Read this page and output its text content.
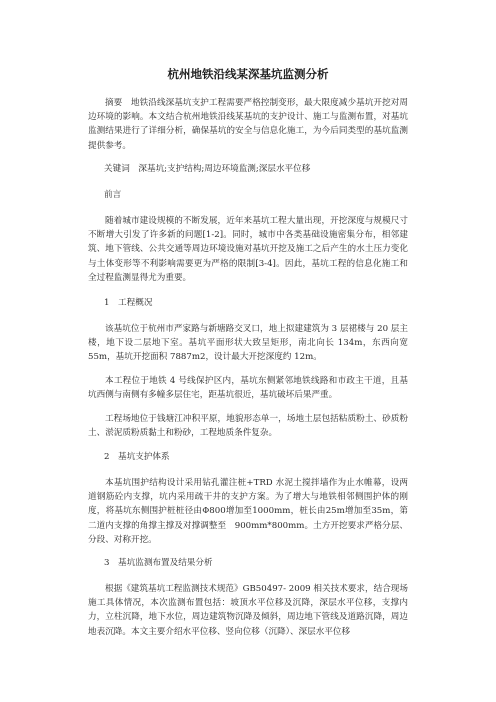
杭州地铁沿线某深基坑监测分析
摘要　地铁沿线深基坑支护工程需要严格控制变形，最大限度减少基坑开挖对周边环境的影响。本文结合杭州地铁沿线某基坑的支护设计、施工与监测布置，对基坑监测结果进行了详细分析，确保基坑的安全与信息化施工，为今后同类型的基坑监测提供参考。
关键词　深基坑;支护结构;周边环境监测;深层水平位移
前言
随着城市建设规模的不断发展，近年来基坑工程大量出现，开挖深度与规模尺寸不断增大引发了许多新的问题[1-2]。同时，城市中各类基础设施密集分布，相邻建筑、地下管线、公共交通等周边环境设施对基坑开挖及施工之后产生的水土压力变化与土体变形等不利影响需要更为严格的限制[3-4]。因此，基坑工程的信息化施工和全过程监测显得尤为重要。
1　工程概况
该基坑位于杭州市严家路与新塘路交叉口，地上拟建建筑为 3 层裙楼与 20 层主楼，地下设二层地下室。基坑平面形状大致呈矩形，南北向长 134m，东西向宽 55m，基坑开挖面积 7887m2，设计最大开挖深度约 12m。
本工程位于地铁 4 号线保护区内，基坑东侧紧邻地铁线路和市政主干道，且基坑西侧与南侧有多幢多层住宅，距基坑很近，基坑破坏后果严重。
工程场地位于钱塘江冲积平原，地貌形态单一，场地土层包括粘质粉土、砂质粉土、淤泥质粉质黏土和粉砂，工程地质条件复杂。
2　基坑支护体系
本基坑围护结构设计采用钻孔灌注桩+TRD 水泥土搅拌墙作为止水帷幕，设两道钢筋砼内支撑，坑内采用疏干井的支护方案。为了增大与地铁相邻侧围护体的刚度，将基坑东侧围护桩桩径由Φ800增加至1000mm，桩长由25m增加至35m，第二道内支撑的角撑主撑及对撑调整至　900mm*800mm。土方开挖要求严格分层、分段、对称开挖。
3　基坑监测布置及结果分析
根据《建筑基坑工程监测技术规范》GB50497- 2009 相关技术要求，结合现场施工具体情况，本次监测布置包括：坡顶水平位移及沉降，深层水平位移，支撑内力，立柱沉降，地下水位，周边建筑物沉降及倾斜，周边地下管线及道路沉降，周边地表沉降。本文主要介绍水平位移、竖向位移（沉降）、深层水平位移
